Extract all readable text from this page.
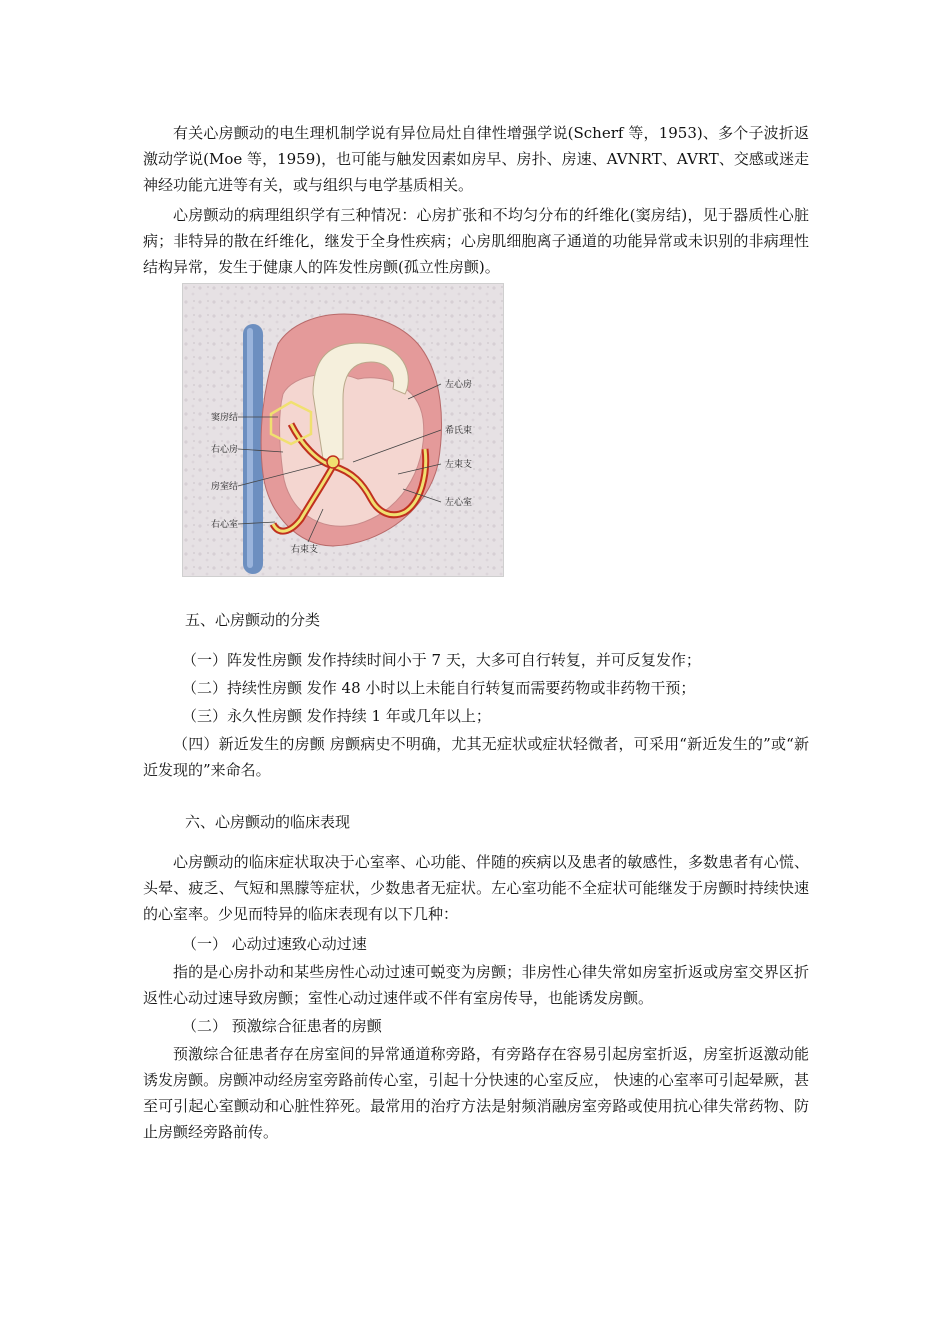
有关心房颤动的电生理机制学说有异位局灶自律性增强学说(Scherf 等，1953)、多个子波折返激动学说(Moe 等，1959)，也可能与触发因素如房早、房扑、房速、AVNRT、AVRT、交感或迷走神经功能亢进等有关，或与组织与电学基质相关。

心房颤动的病理组织学有三种情况：心房扩张和不均匀分布的纤维化(窦房结)，见于器质性心脏病；非特异的散在纤维化，继发于全身性疾病；心房肌细胞离子通道的功能异常或未识别的非病理性结构异常，发生于健康人的阵发性房颤(孤立性房颤)。

窦房结
右心房
房室结
右心室
右束支
左心房
希氏束
左束支
左心室

五、心房颤动的分类

（一）阵发性房颤 发作持续时间小于 7 天，大多可自行转复，并可反复发作；

（二）持续性房颤 发作 48 小时以上未能自行转复而需要药物或非药物干预；

（三）永久性房颤 发作持续 1 年或几年以上；

（四）新近发生的房颤 房颤病史不明确，尤其无症状或症状轻微者，可采用“新近发生的”或“新近发现的”来命名。

六、心房颤动的临床表现

心房颤动的临床症状取决于心室率、心功能、伴随的疾病以及患者的敏感性，多数患者有心慌、头晕、疲乏、气短和黑朦等症状，少数患者无症状。左心室功能不全症状可能继发于房颤时持续快速的心室率。少见而特异的临床表现有以下几种：

（一） 心动过速致心动过速

指的是心房扑动和某些房性心动过速可蜕变为房颤；非房性心律失常如房室折返或房室交界区折返性心动过速导致房颤；室性心动过速伴或不伴有室房传导，也能诱发房颤。

（二） 预激综合征患者的房颤

预激综合征患者存在房室间的异常通道称旁路，有旁路存在容易引起房室折返，房室折返激动能诱发房颤。房颤冲动经房室旁路前传心室，引起十分快速的心室反应， 快速的心室率可引起晕厥，甚至可引起心室颤动和心脏性猝死。最常用的治疗方法是射频消融房室旁路或使用抗心律失常药物、防止房颤经旁路前传。
